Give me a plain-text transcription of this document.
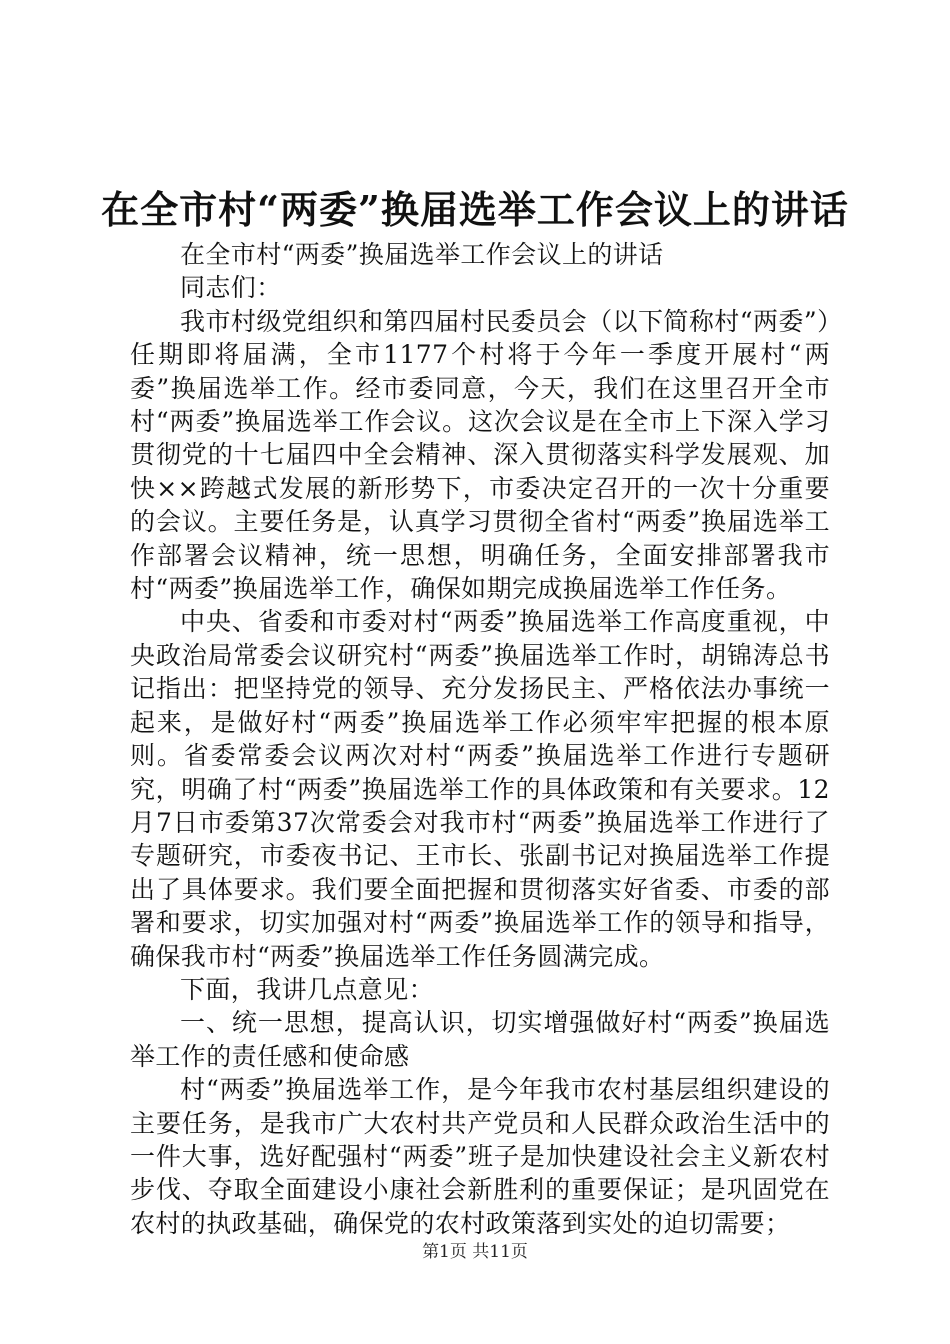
在全市村“两委”换届选举工作会议上的讲话

在全市村“两委”换届选举工作会议上的讲话

同志们：

我市村级党组织和第四届村民委员会（以下简称村“两委”）任期即将届满，全市1177个村将于今年一季度开展村“两委”换届选举工作。经市委同意，今天，我们在这里召开全市村“两委”换届选举工作会议。这次会议是在全市上下深入学习贯彻党的十七届四中全会精神、深入贯彻落实科学发展观、加快××跨越式发展的新形势下，市委决定召开的一次十分重要的会议。主要任务是，认真学习贯彻全省村“两委”换届选举工作部署会议精神，统一思想，明确任务，全面安排部署我市村“两委”换届选举工作，确保如期完成换届选举工作任务。

中央、省委和市委对村“两委”换届选举工作高度重视，中央政治局常委会议研究村“两委”换届选举工作时，胡锦涛总书记指出：把坚持党的领导、充分发扬民主、严格依法办事统一起来，是做好村“两委”换届选举工作必须牢牢把握的根本原则。省委常委会议两次对村“两委”换届选举工作进行专题研究，明确了村“两委”换届选举工作的具体政策和有关要求。12月7日市委第37次常委会对我市村“两委”换届选举工作进行了专题研究，市委夜书记、王市长、张副书记对换届选举工作提出了具体要求。我们要全面把握和贯彻落实好省委、市委的部署和要求，切实加强对村“两委”换届选举工作的领导和指导，确保我市村“两委”换届选举工作任务圆满完成。

下面，我讲几点意见：

一、统一思想，提高认识，切实增强做好村“两委”换届选举工作的责任感和使命感

村“两委”换届选举工作，是今年我市农村基层组织建设的主要任务，是我市广大农村共产党员和人民群众政治生活中的一件大事，选好配强村“两委”班子是加快建设社会主义新农村步伐、夺取全面建设小康社会新胜利的重要保证；是巩固党在农村的执政基础，确保党的农村政策落到实处的迫切需要；

第1页 共11页
